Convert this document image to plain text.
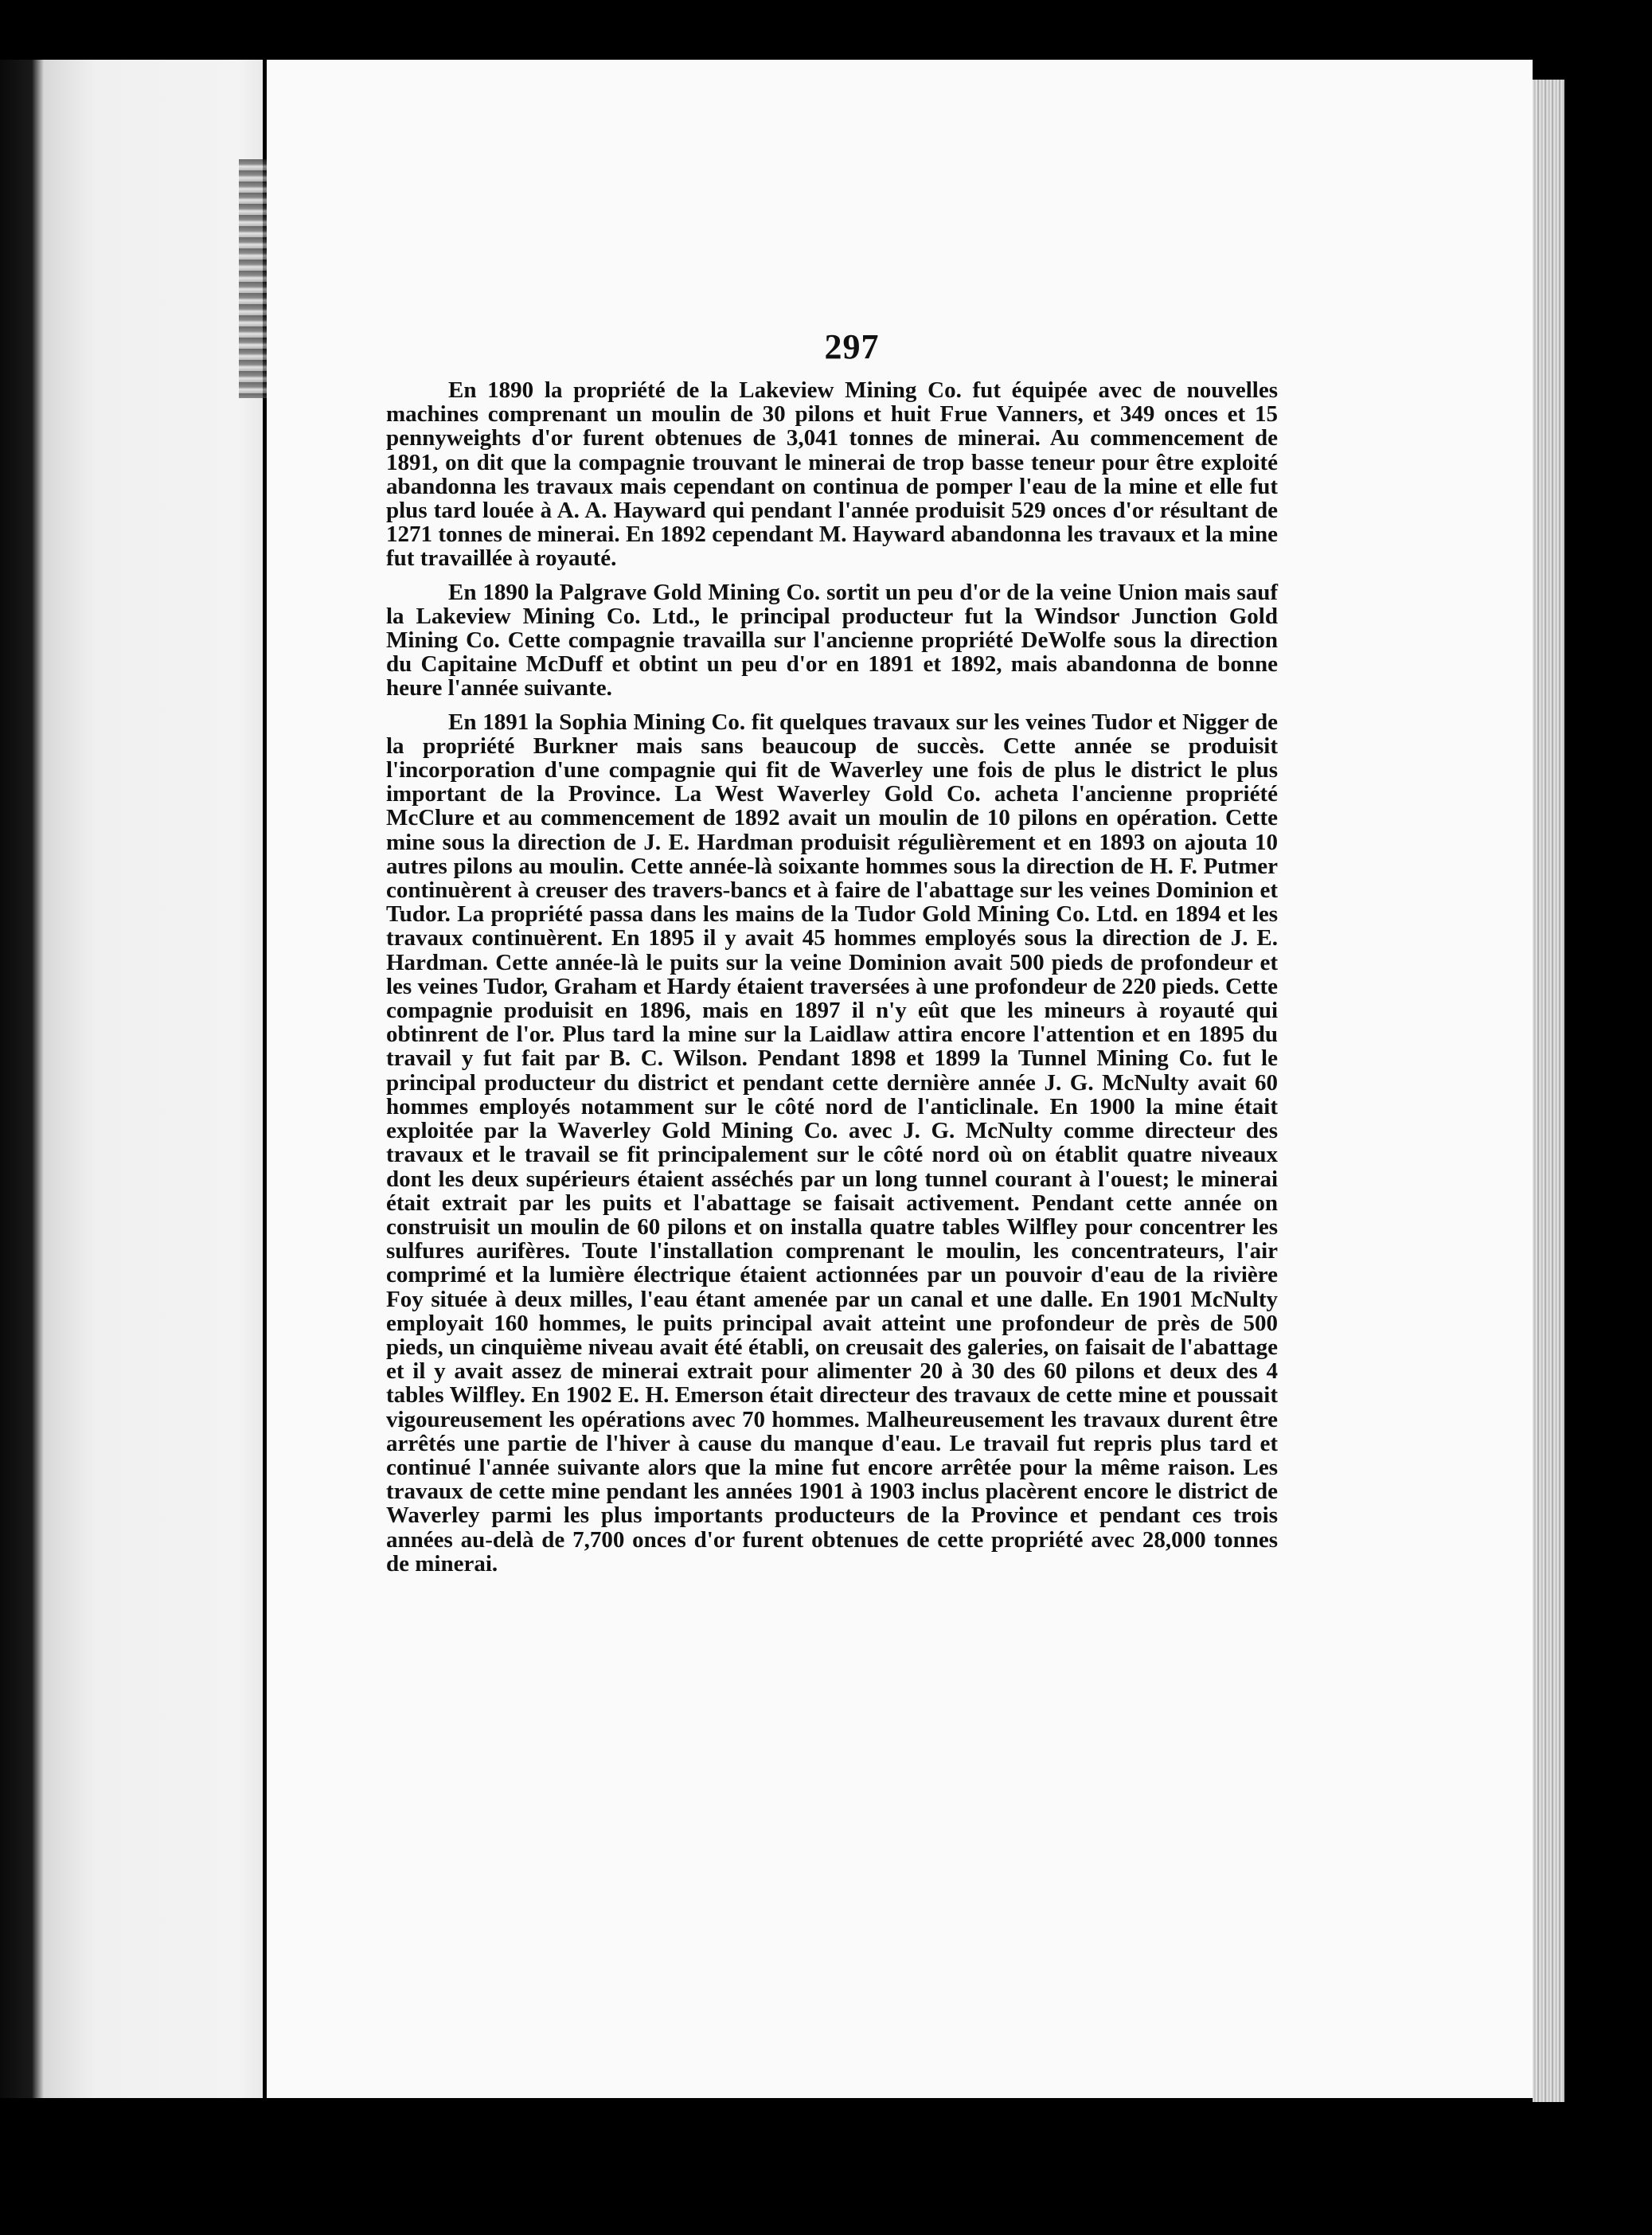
297

En 1890 la propriété de la Lakeview Mining Co. fut équipée avec de nouvelles machines comprenant un moulin de 30 pilons et huit Frue Vanners, et 349 onces et 15 pennyweights d'or furent obtenues de 3,041 tonnes de minerai. Au commencement de 1891, on dit que la compagnie trouvant le minerai de trop basse teneur pour être exploité abandonna les travaux mais cependant on continua de pomper l'eau de la mine et elle fut plus tard louée à A. A. Hayward qui pendant l'année produisit 529 onces d'or résultant de 1271 tonnes de minerai. En 1892 cependant M. Hayward abandonna les travaux et la mine fut travaillée à royauté.

En 1890 la Palgrave Gold Mining Co. sortit un peu d'or de la veine Union mais sauf la Lakeview Mining Co. Ltd., le principal producteur fut la Windsor Junction Gold Mining Co. Cette compagnie travailla sur l'ancienne propriété DeWolfe sous la direction du Capitaine McDuff et obtint un peu d'or en 1891 et 1892, mais abandonna de bonne heure l'année suivante.

En 1891 la Sophia Mining Co. fit quelques travaux sur les veines Tudor et Nigger de la propriété Burkner mais sans beaucoup de succès. Cette année se produisit l'incorporation d'une compagnie qui fit de Waverley une fois de plus le district le plus important de la Province. La West Waverley Gold Co. acheta l'ancienne propriété McClure et au commencement de 1892 avait un moulin de 10 pilons en opération. Cette mine sous la direction de J. E. Hardman produisit régulièrement et en 1893 on ajouta 10 autres pilons au moulin. Cette année-là soixante hommes sous la direction de H. F. Putmer continuèrent à creuser des travers-bancs et à faire de l'abattage sur les veines Dominion et Tudor. La propriété passa dans les mains de la Tudor Gold Mining Co. Ltd. en 1894 et les travaux continuèrent. En 1895 il y avait 45 hommes employés sous la direction de J. E. Hardman. Cette année-là le puits sur la veine Dominion avait 500 pieds de profondeur et les veines Tudor, Graham et Hardy étaient traversées à une profondeur de 220 pieds. Cette compagnie produisit en 1896, mais en 1897 il n'y eût que les mineurs à royauté qui obtinrent de l'or. Plus tard la mine sur la Laidlaw attira encore l'attention et en 1895 du travail y fut fait par B. C. Wilson. Pendant 1898 et 1899 la Tunnel Mining Co. fut le principal producteur du district et pendant cette dernière année J. G. McNulty avait 60 hommes employés notamment sur le côté nord de l'anticlinale. En 1900 la mine était exploitée par la Waverley Gold Mining Co. avec J. G. McNulty comme directeur des travaux et le travail se fit principalement sur le côté nord où on établit quatre niveaux dont les deux supérieurs étaient asséchés par un long tunnel courant à l'ouest; le minerai était extrait par les puits et l'abattage se faisait activement. Pendant cette année on construisit un moulin de 60 pilons et on installa quatre tables Wilfley pour concentrer les sulfures aurifères. Toute l'installation comprenant le moulin, les concentrateurs, l'air comprimé et la lumière électrique étaient actionnées par un pouvoir d'eau de la rivière Foy située à deux milles, l'eau étant amenée par un canal et une dalle. En 1901 McNulty employait 160 hommes, le puits principal avait atteint une profondeur de près de 500 pieds, un cinquième niveau avait été établi, on creusait des galeries, on faisait de l'abattage et il y avait assez de minerai extrait pour alimenter 20 à 30 des 60 pilons et deux des 4 tables Wilfley. En 1902 E. H. Emerson était directeur des travaux de cette mine et poussait vigoureusement les opérations avec 70 hommes. Malheureusement les travaux durent être arrêtés une partie de l'hiver à cause du manque d'eau. Le travail fut repris plus tard et continué l'année suivante alors que la mine fut encore arrêtée pour la même raison. Les travaux de cette mine pendant les années 1901 à 1903 inclus placèrent encore le district de Waverley parmi les plus importants producteurs de la Province et pendant ces trois années au-delà de 7,700 onces d'or furent obtenues de cette propriété avec 28,000 tonnes de minerai.
